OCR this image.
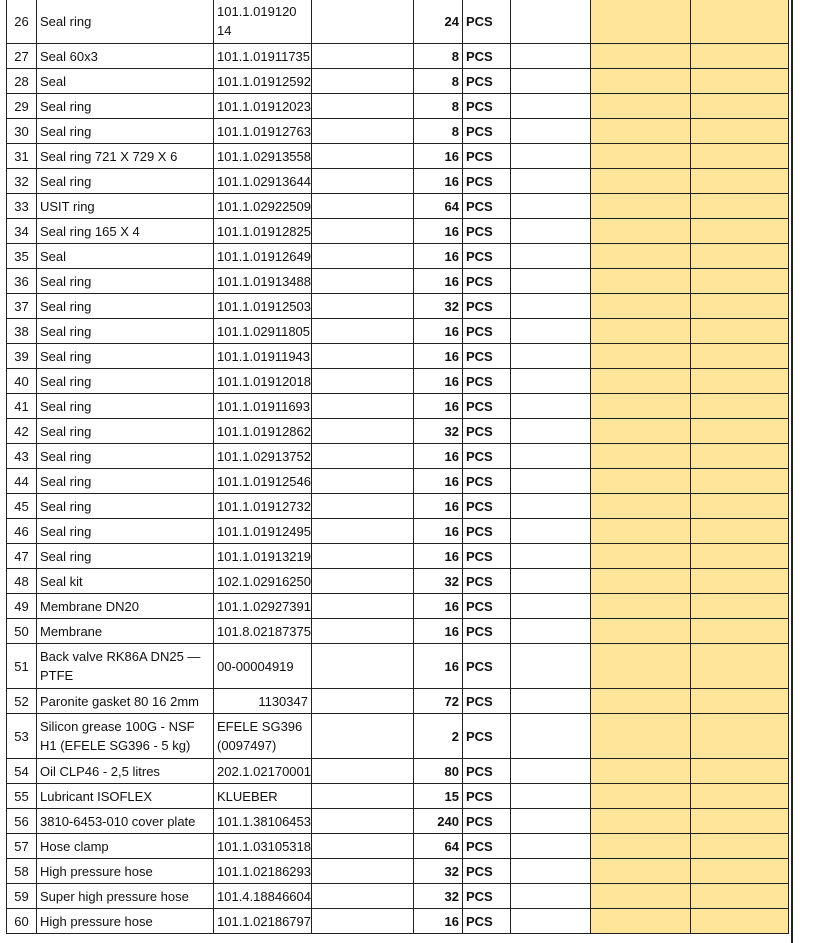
26	Seal ring	101.1.019120 14		24	PCS			
27	Seal 60x3	101.1.01911735		8	PCS			
28	Seal	101.1.01912592		8	PCS			
29	Seal ring	101.1.01912023		8	PCS			
30	Seal ring	101.1.01912763		8	PCS			
31	Seal ring 721 X 729 X 6	101.1.02913558		16	PCS			
32	Seal ring	101.1.02913644		16	PCS			
33	USIT ring	101.1.02922509		64	PCS			
34	Seal ring 165 X 4	101.1.01912825		16	PCS			
35	Seal	101.1.01912649		16	PCS			
36	Seal ring	101.1.01913488		16	PCS			
37	Seal ring	101.1.01912503		32	PCS			
38	Seal ring	101.1.02911805		16	PCS			
39	Seal ring	101.1.01911943		16	PCS			
40	Seal ring	101.1.01912018		16	PCS			
41	Seal ring	101.1.01911693		16	PCS			
42	Seal ring	101.1.01912862		32	PCS			
43	Seal ring	101.1.02913752		16	PCS			
44	Seal ring	101.1.01912546		16	PCS			
45	Seal ring	101.1.01912732		16	PCS			
46	Seal ring	101.1.01912495		16	PCS			
47	Seal ring	101.1.01913219		16	PCS			
48	Seal kit	102.1.02916250		32	PCS			
49	Membrane DN20	101.1.02927391		16	PCS			
50	Membrane	101.8.02187375		16	PCS			
51	Back valve RK86A DN25 — PTFE	00-00004919		16	PCS			
52	Paronite gasket 80 16 2mm	1130347		72	PCS			
53	Silicon grease 100G - NSF H1 (EFELE SG396 - 5 kg)	EFELE SG396 (0097497)		2	PCS			
54	Oil CLP46 - 2,5 litres	202.1.02170001		80	PCS			
55	Lubricant ISOFLEX	KLUEBER		15	PCS			
56	3810-6453-010 cover plate	101.1.38106453		240	PCS			
57	Hose clamp	101.1.03105318		64	PCS			
58	High pressure hose	101.1.02186293		32	PCS			
59	Super high pressure hose	101.4.18846604		32	PCS			
60	High pressure hose	101.1.02186797		16	PCS			
